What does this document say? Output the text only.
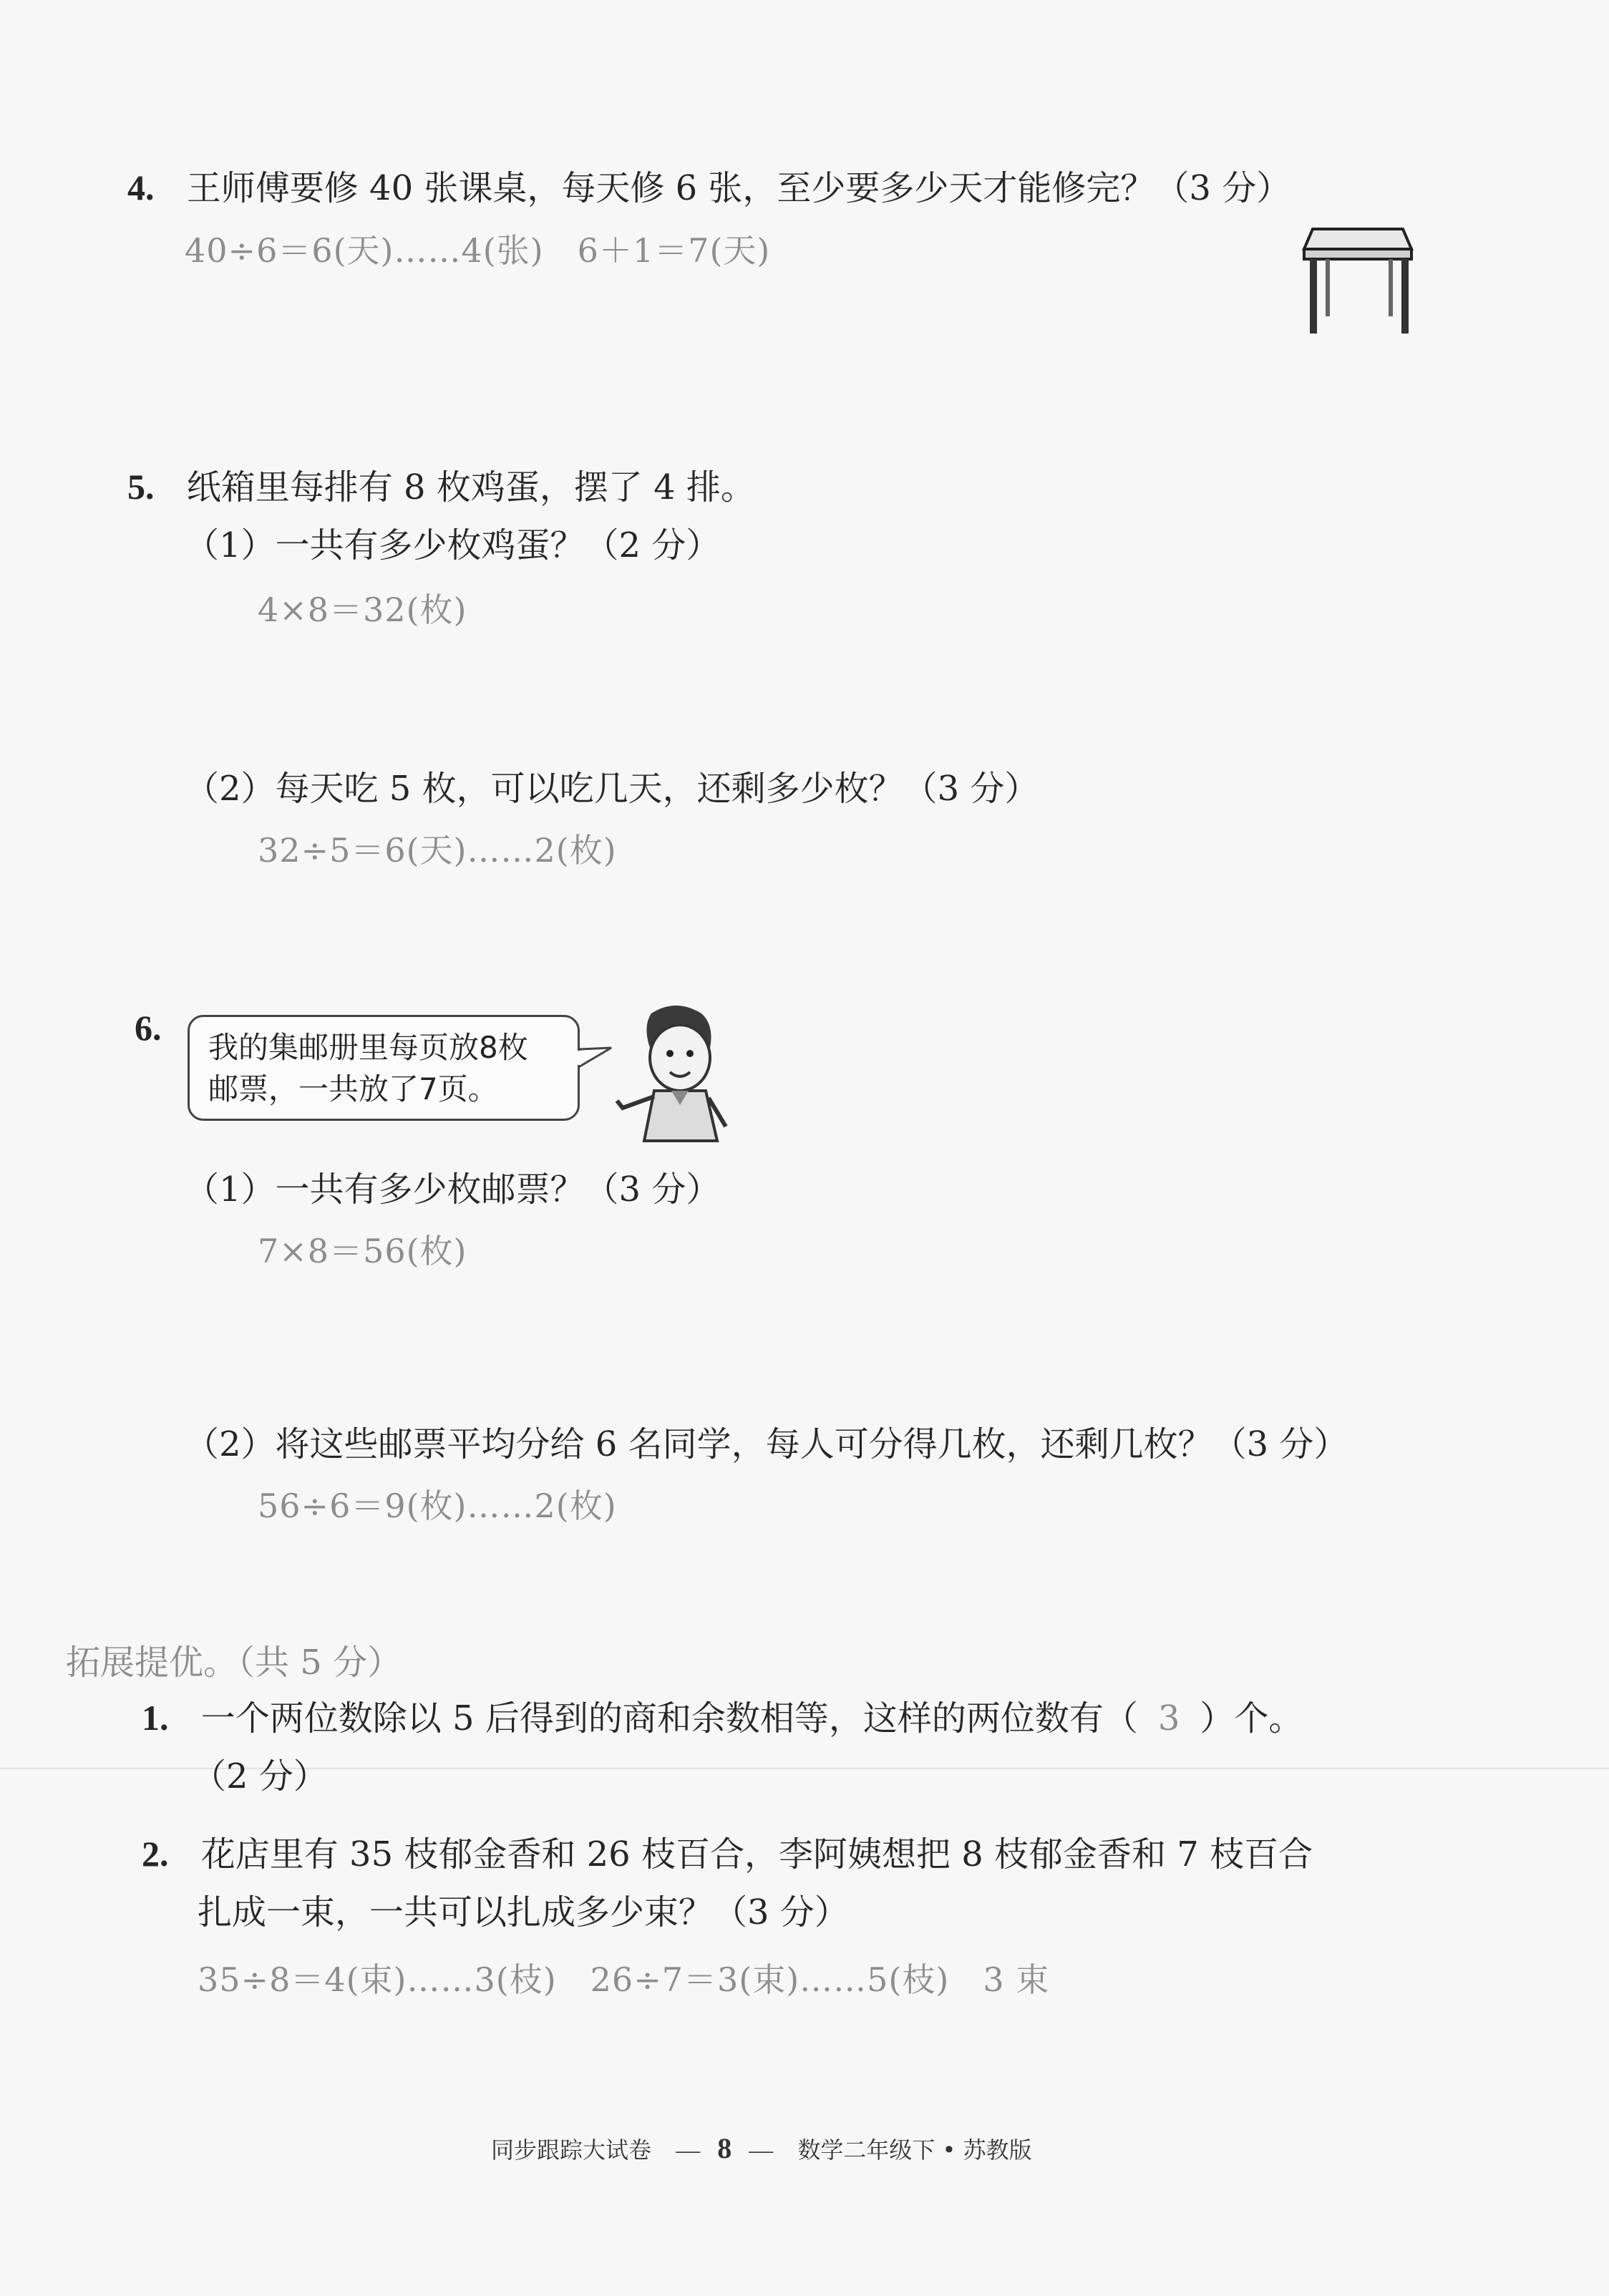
4. 王师傅要修 40 张课桌，每天修 6 张，至少要多少天才能修完？（3 分）
40÷6＝6(天)……4(张)　6＋1＝7(天)
5. 纸箱里每排有 8 枚鸡蛋，摆了 4 排。
（1）一共有多少枚鸡蛋？（2 分）
4×8＝32(枚)
（2）每天吃 5 枚，可以吃几天，还剩多少枚？（3 分）
32÷5＝6(天)……2(枚)
6. 我的集邮册里每页放8枚
邮票，一共放了7页。
（1）一共有多少枚邮票？（3 分）
7×8＝56(枚)
（2）将这些邮票平均分给 6 名同学，每人可分得几枚，还剩几枚？（3 分）
56÷6＝9(枚)……2(枚)
拓展提优。（共 5 分）
1. 一个两位数除以 5 后得到的商和余数相等，这样的两位数有（ 3 ）个。
（2 分）
2. 花店里有 35 枝郁金香和 26 枝百合，李阿姨想把 8 枝郁金香和 7 枝百合
扎成一束，一共可以扎成多少束？（3 分）
35÷8＝4(束)……3(枝)　26÷7＝3(束)……5(枝)　3 束
同步跟踪大试卷 — 8 — 数学二年级下 • 苏教版
